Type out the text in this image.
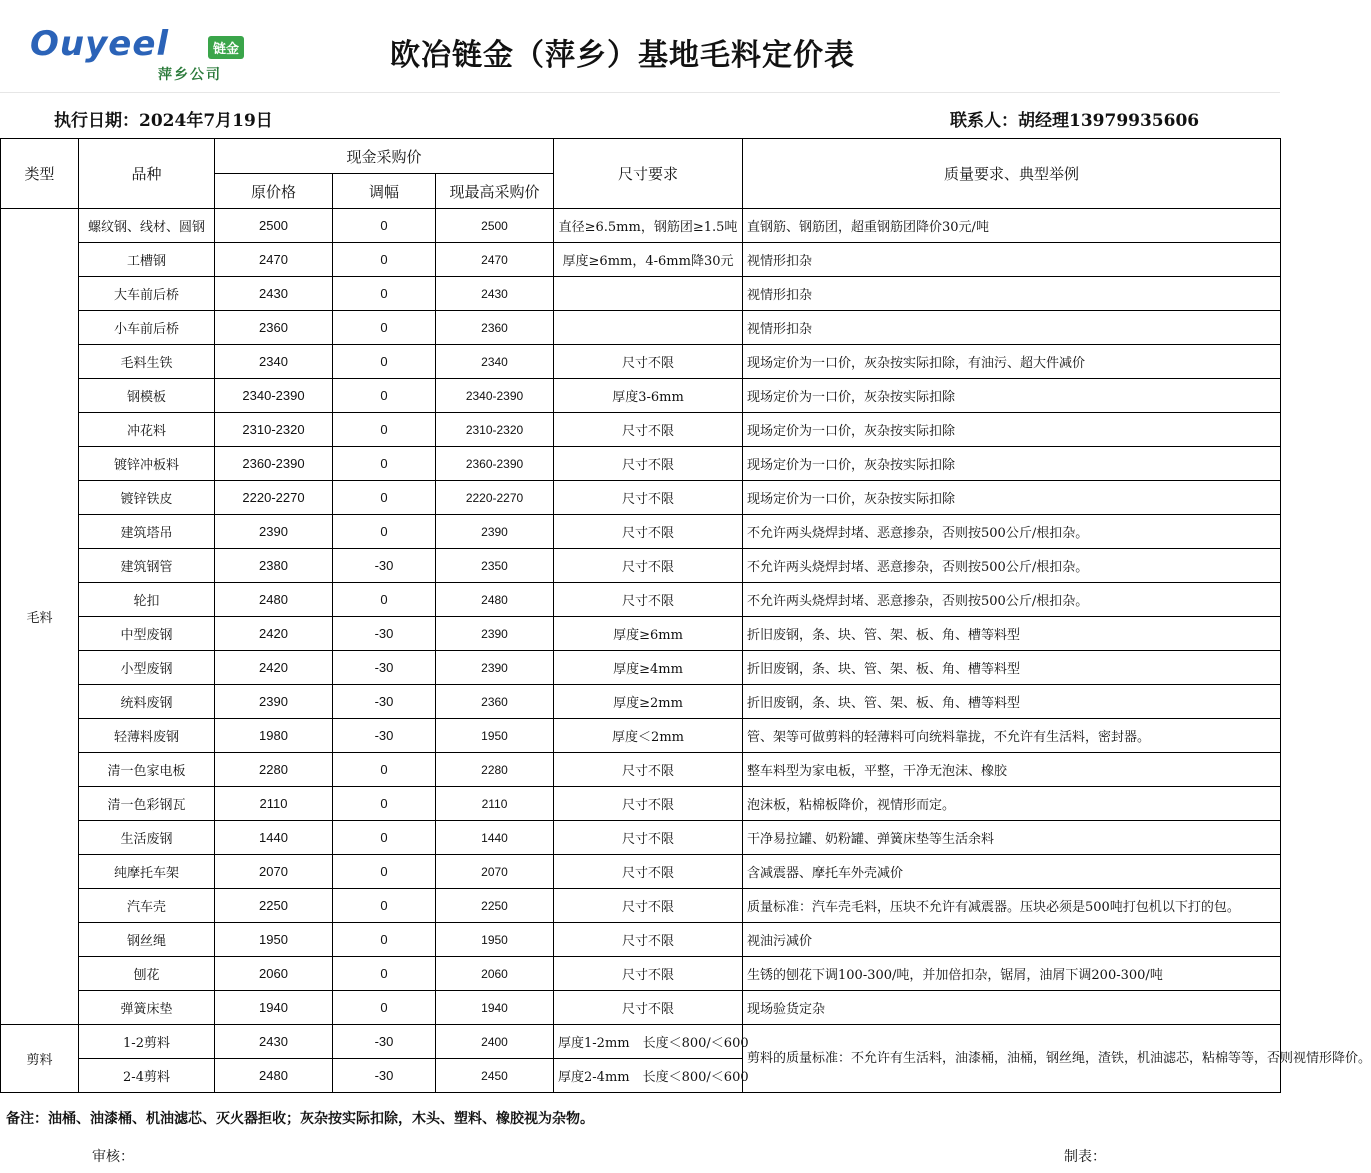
Ouyeel	链金
萍乡公司
欧冶链金（萍乡）基地毛料定价表
执行日期：2024年7月19日	联系人：胡经理13979935606
类型	品种	现金采购价			尺寸要求	质量要求、典型举例
		原价格	调幅	现最高采购价		
毛料	螺纹钢、线材、圆钢	2500	0	2500	直径≥6.5mm，钢筋团≥1.5吨	直钢筋、钢筋团，超重钢筋团降价30元/吨
	工槽钢	2470	0	2470	厚度≥6mm，4-6mm降30元	视情形扣杂
	大车前后桥	2430	0	2430		视情形扣杂
	小车前后桥	2360	0	2360		视情形扣杂
	毛料生铁	2340	0	2340	尺寸不限	现场定价为一口价，灰杂按实际扣除，有油污、超大件减价
	钢模板	2340-2390	0	2340-2390	厚度3-6mm	现场定价为一口价，灰杂按实际扣除
	冲花料	2310-2320	0	2310-2320	尺寸不限	现场定价为一口价，灰杂按实际扣除
	镀锌冲板料	2360-2390	0	2360-2390	尺寸不限	现场定价为一口价，灰杂按实际扣除
	镀锌铁皮	2220-2270	0	2220-2270	尺寸不限	现场定价为一口价，灰杂按实际扣除
	建筑塔吊	2390	0	2390	尺寸不限	不允许两头烧焊封堵、恶意掺杂，否则按500公斤/根扣杂。
	建筑钢管	2380	-30	2350	尺寸不限	不允许两头烧焊封堵、恶意掺杂，否则按500公斤/根扣杂。
	轮扣	2480	0	2480	尺寸不限	不允许两头烧焊封堵、恶意掺杂，否则按500公斤/根扣杂。
	中型废钢	2420	-30	2390	厚度≥6mm	折旧废钢，条、块、管、架、板、角、槽等料型
	小型废钢	2420	-30	2390	厚度≥4mm	折旧废钢，条、块、管、架、板、角、槽等料型
	统料废钢	2390	-30	2360	厚度≥2mm	折旧废钢，条、块、管、架、板、角、槽等料型
	轻薄料废钢	1980	-30	1950	厚度＜2mm	管、架等可做剪料的轻薄料可向统料靠拢，不允许有生活料，密封器。
	清一色家电板	2280	0	2280	尺寸不限	整车料型为家电板，平整，干净无泡沫、橡胶
	清一色彩钢瓦	2110	0	2110	尺寸不限	泡沫板，粘棉板降价，视情形而定。
	生活废钢	1440	0	1440	尺寸不限	干净易拉罐、奶粉罐、弹簧床垫等生活余料
	纯摩托车架	2070	0	2070	尺寸不限	含减震器、摩托车外壳减价
	汽车壳	2250	0	2250	尺寸不限	质量标准：汽车壳毛料，压块不允许有减震器。压块必须是500吨打包机以下打的包。
	钢丝绳	1950	0	1950	尺寸不限	视油污减价
	刨花	2060	0	2060	尺寸不限	生锈的刨花下调100-300/吨，并加倍扣杂，锯屑，油屑下调200-300/吨
	弹簧床垫	1940	0	1940	尺寸不限	现场验货定杂
剪料	1-2剪料	2430	-30	2400	厚度1-2mm　长度＜800/＜600	剪料的质量标准：不允许有生活料，油漆桶，油桶，钢丝绳，渣铁，机油滤芯，粘棉等等，否则视情形降价。
	2-4剪料	2480	-30	2450	厚度2-4mm　长度＜800/＜600	
备注：油桶、油漆桶、机油滤芯、灭火器拒收；灰杂按实际扣除，木头、塑料、橡胶视为杂物。
审核：	制表：
